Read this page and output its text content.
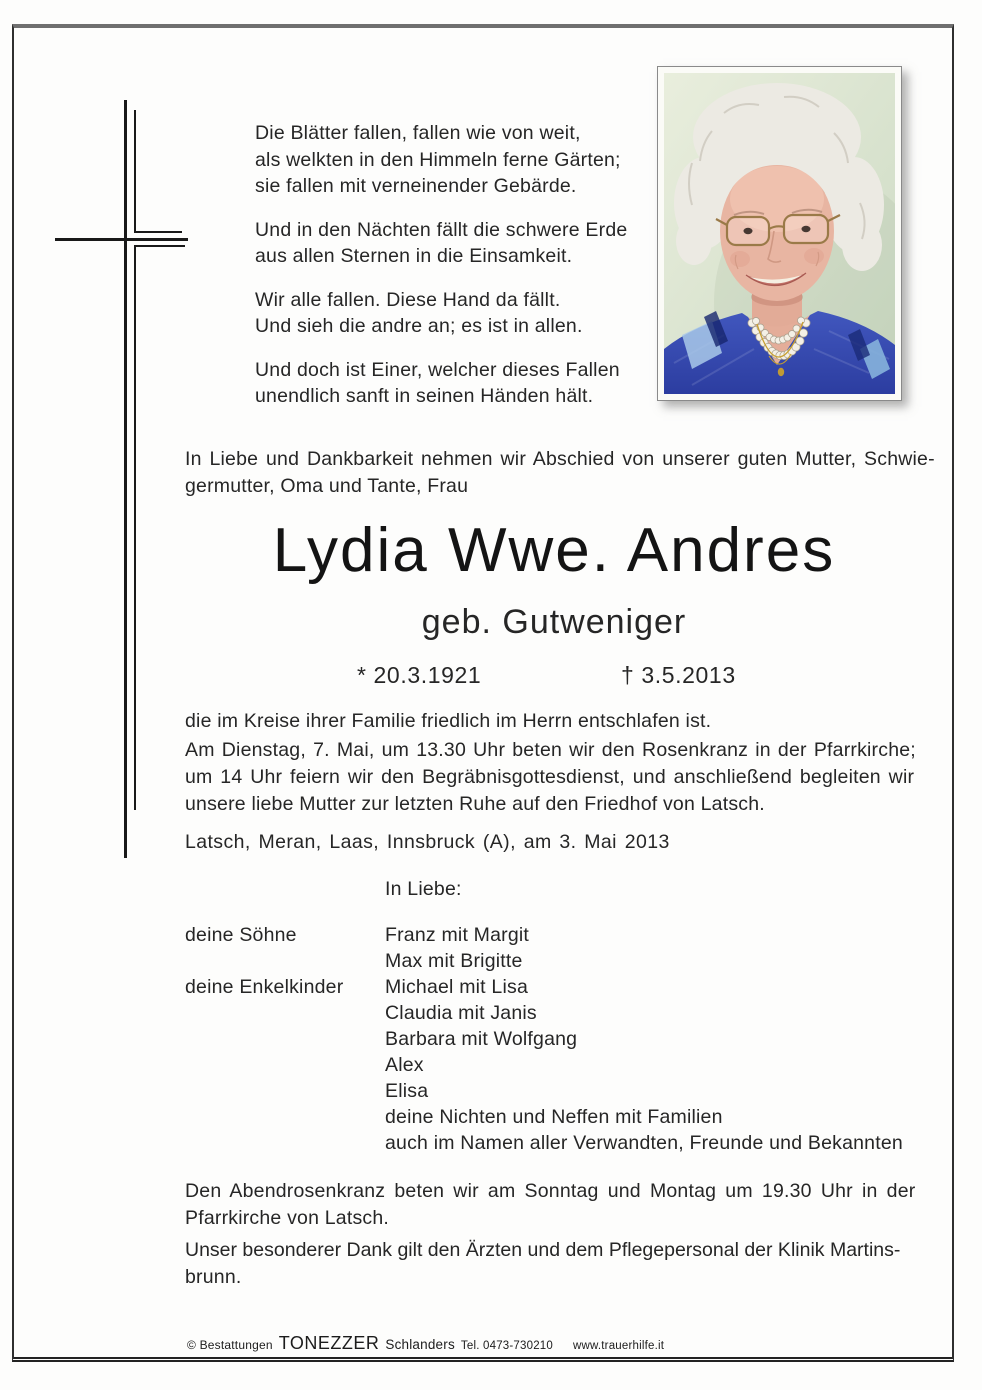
Die Blätter fallen, fallen wie von weit,
als welkten in den Himmeln ferne Gärten;
sie fallen mit verneinender Gebärde.
Und in den Nächten fällt die schwere Erde
aus allen Sternen in die Einsamkeit.
Wir alle fallen. Diese Hand da fällt.
Und sieh die andre an; es ist in allen.
Und doch ist Einer, welcher dieses Fallen
unendlich sanft in seinen Händen hält.
In Liebe und Dankbarkeit nehmen wir Abschied von unserer guten Mutter, Schwie-
germutter, Oma und Tante, Frau
Lydia Wwe. Andres
geb. Gutweniger
* 20.3.1921	† 3.5.2013
die im Kreise ihrer Familie friedlich im Herrn entschlafen ist.
Am Dienstag, 7. Mai, um 13.30 Uhr beten wir den Rosenkranz in der Pfarrkirche;
um 14 Uhr feiern wir den Begräbnisgottesdienst, und anschließend begleiten wir
unsere liebe Mutter zur letzten Ruhe auf den Friedhof von Latsch.
Latsch, Meran, Laas, Innsbruck (A), am 3. Mai 2013
In Liebe:
deine Söhne	Franz mit Margit
Max mit Brigitte
deine Enkelkinder	Michael mit Lisa
Claudia mit Janis
Barbara mit Wolfgang
Alex
Elisa
deine Nichten und Neffen mit Familien
auch im Namen aller Verwandten, Freunde und Bekannten
Den Abendrosenkranz beten wir am Sonntag und Montag um 19.30 Uhr in der
Pfarrkirche von Latsch.
Unser besonderer Dank gilt den Ärzten und dem Pflegepersonal der Klinik Martins-
brunn.
© Bestattungen TONEZZER Schlanders Tel. 0473-730210 www.trauerhilfe.it
